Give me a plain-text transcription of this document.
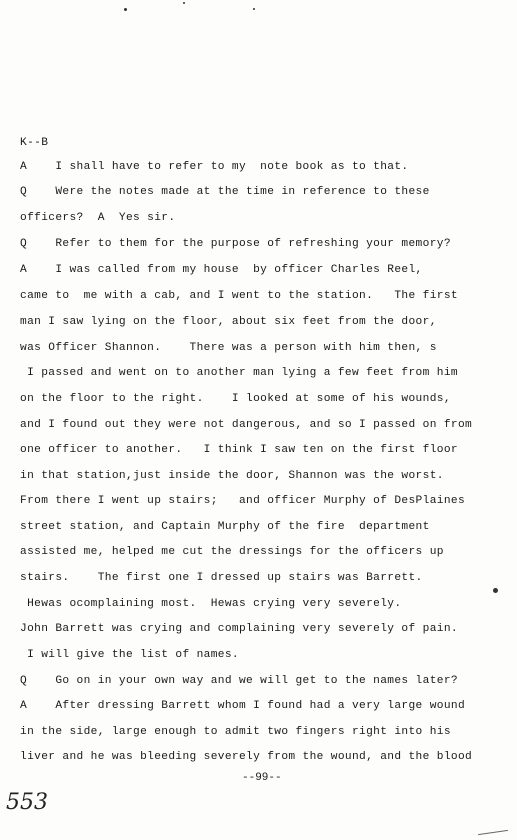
K--B
A    I shall have to refer to my  note book as to that.
Q    Were the notes made at the time in reference to these
officers?  A  Yes sir.
Q    Refer to them for the purpose of refreshing your memory?
A    I was called from my house  by officer Charles Reel,
came to  me with a cab, and I went to the station.   The first
man I saw lying on the floor, about six feet from the door,
was Officer Shannon.    There was a person with him then, s
I passed and went on to another man lying a few feet from him
on the floor to the right.    I looked at some of his wounds,
and I found out they were not dangerous, and so I passed on from
one officer to another.   I think I saw ten on the first floor
in that station,just inside the door, Shannon was the worst.
From there I went up stairs;   and officer Murphy of DesPlaines
street station, and Captain Murphy of the fire  department
assisted me, helped me cut the dressings for the officers up
stairs.    The first one I dressed up stairs was Barrett.
Hewas ocomplaining most.  Hewas crying very severely.
John Barrett was crying and complaining very severely of pain.
I will give the list of names.
Q    Go on in your own way and we will get to the names later?
A    After dressing Barrett whom I found had a very large wound
in the side, large enough to admit two fingers right into his
liver and he was bleeding severely from the wound, and the blood
--99--
553
